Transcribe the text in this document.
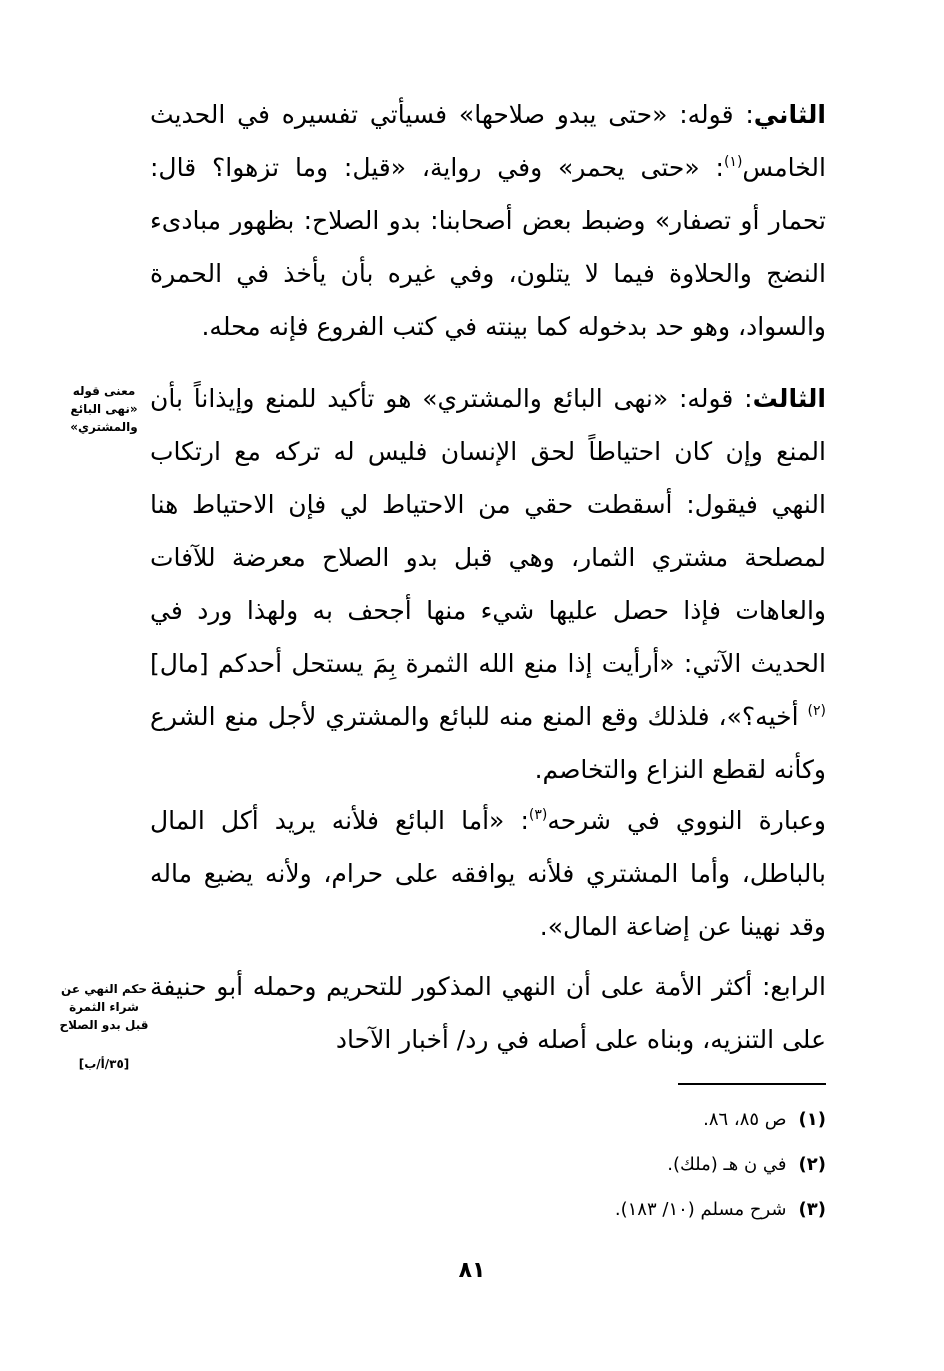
الثاني: قوله: «حتى يبدو صلاحها» فسيأتي تفسيره في الحديث الخامس$^{(١)}$: «حتى يحمر» وفي رواية، «قيل: وما تزهوا؟ قال: تحمار أو تصفار» وضبط بعض أصحابنا: بدو الصلاح: بظهور مبادىء النضج والحلاوة فيما لا يتلون، وفي غيره بأن يأخذ في الحمرة والسواد، وهو حد بدخوله كما بينته في كتب الفروع فإنه محله.

الثالث: قوله: «نهى البائع والمشتري» هو تأكيد للمنع وإيذاناً بأن المنع وإن كان احتياطاً لحق الإنسان فليس له تركه مع ارتكاب النهي فيقول: أسقطت حقي من الاحتياط لي فإن الاحتياط هنا لمصلحة مشتري الثمار، وهي قبل بدو الصلاح معرضة للآفات والعاهات فإذا حصل عليها شيء منها أجحف به ولهذا ورد في الحديث الآتي: «أرأيت إذا منع الله الثمرة بِمَ يستحل أحدكم [مال]$^{(٢)}$ أخيه؟»، فلذلك وقع المنع منه للبائع والمشتري لأجل منع الشرع وكأنه لقطع النزاع والتخاصم.

وعبارة النووي في شرحه$^{(٣)}$: «أما البائع فلأنه يريد أكل المال بالباطل، وأما المشتري فلأنه يوافقه على حرام، ولأنه يضيع ماله وقد نهينا عن إضاعة المال».

الرابع: أكثر الأمة على أن النهي المذكور للتحريم وحمله أبو حنيفة على التنزيه، وبناه على أصله في رد/ أخبار الآحاد

معنى قوله «نهى البائع والمشتري»
حكم النهي عن شراء الثمرة قبل بدو الصلاح
[٣٥/أ/ب]
(١)ص ٨٥، ٨٦.
(٢)في ن هـ (ملك).
(٣)شرح مسلم (١٠/ ١٨٣).
٨١
